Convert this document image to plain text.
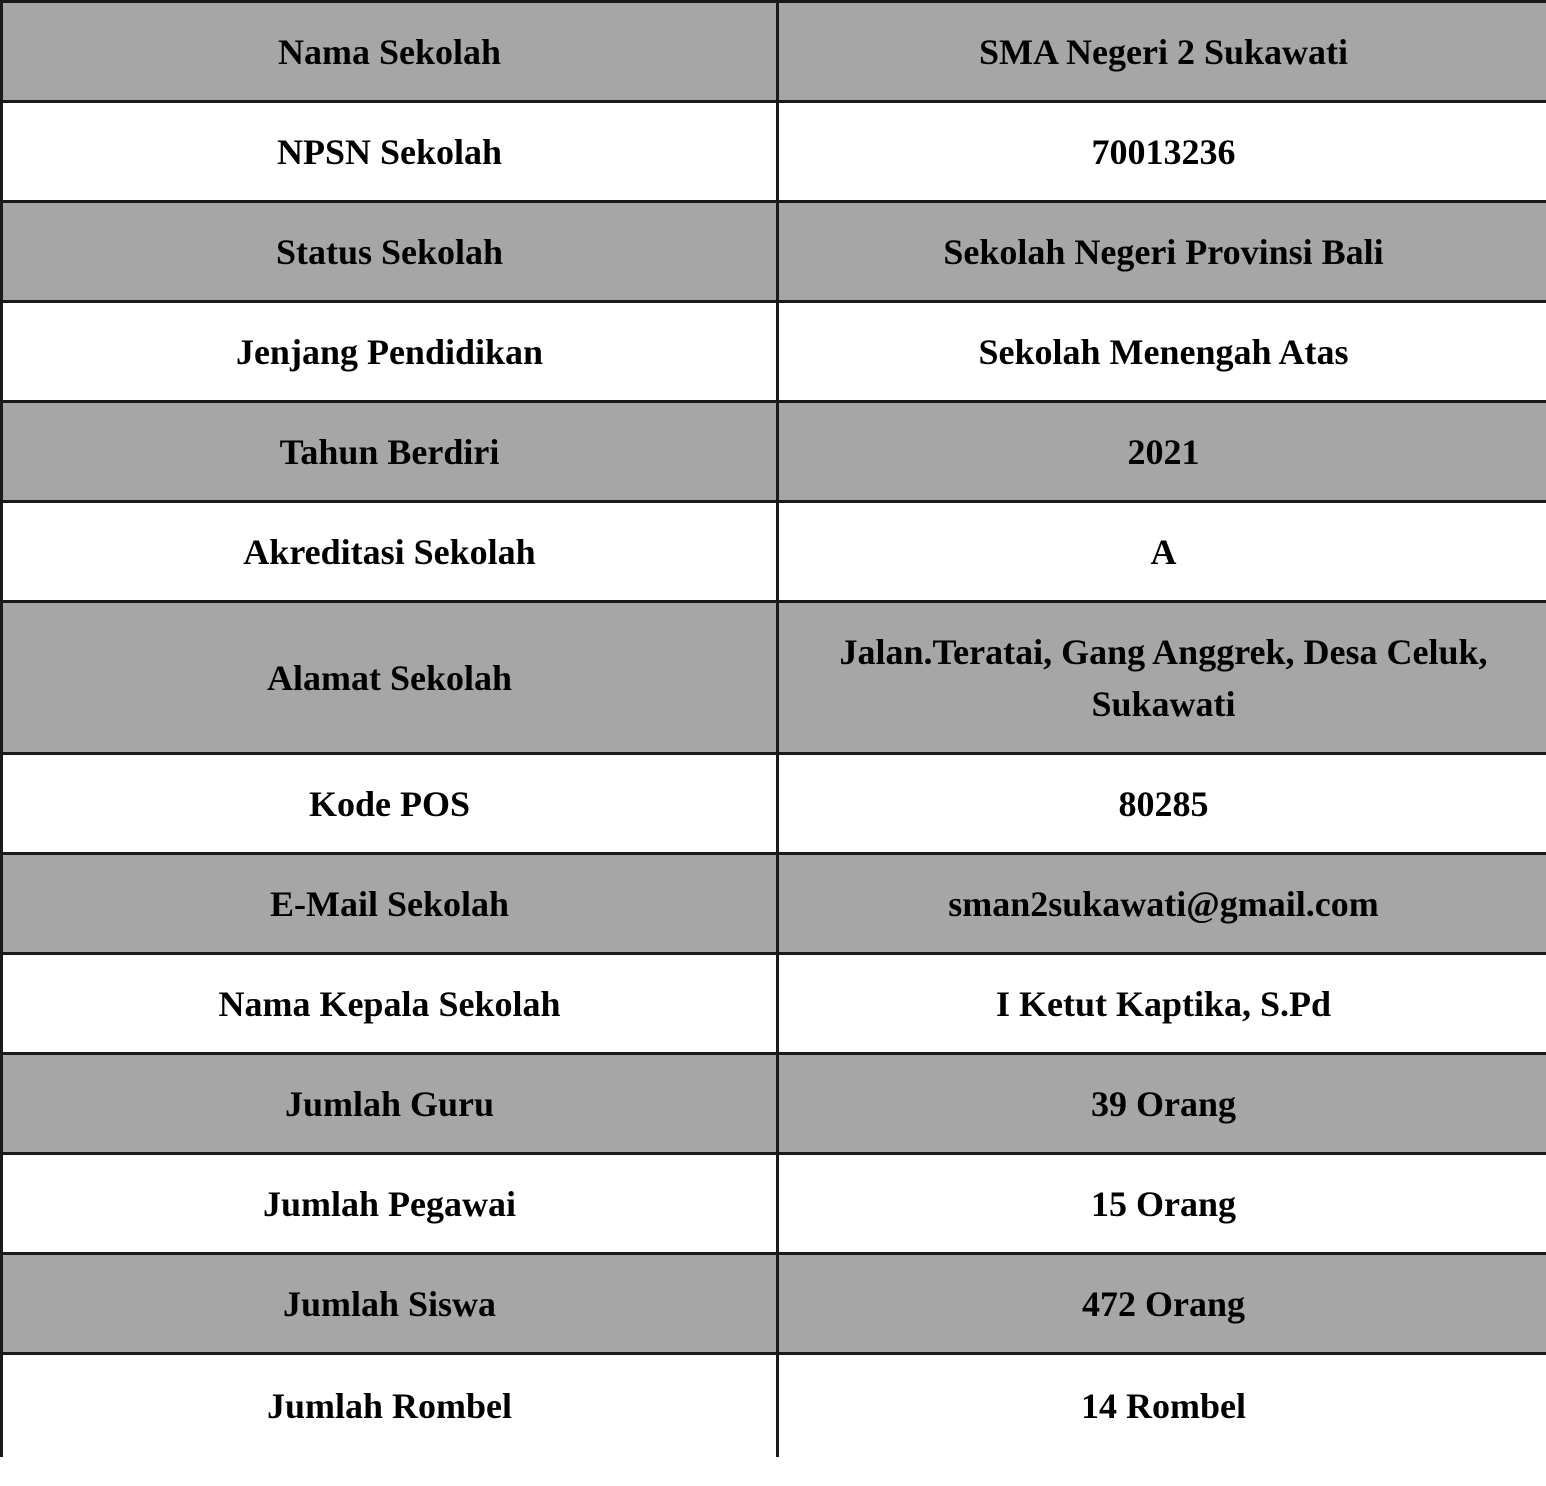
Nama Sekolah	SMA Negeri 2 Sukawati
NPSN Sekolah	70013236
Status Sekolah	Sekolah Negeri Provinsi Bali
Jenjang Pendidikan	Sekolah Menengah Atas
Tahun Berdiri	2021
Akreditasi Sekolah	A
Alamat Sekolah	Jalan.Teratai, Gang Anggrek, Desa Celuk, Sukawati
Kode POS	80285
E-Mail Sekolah	sman2sukawati@gmail.com
Nama Kepala Sekolah	I Ketut Kaptika, S.Pd
Jumlah Guru	39 Orang
Jumlah Pegawai	15 Orang
Jumlah Siswa	472 Orang
Jumlah Rombel	14 Rombel
